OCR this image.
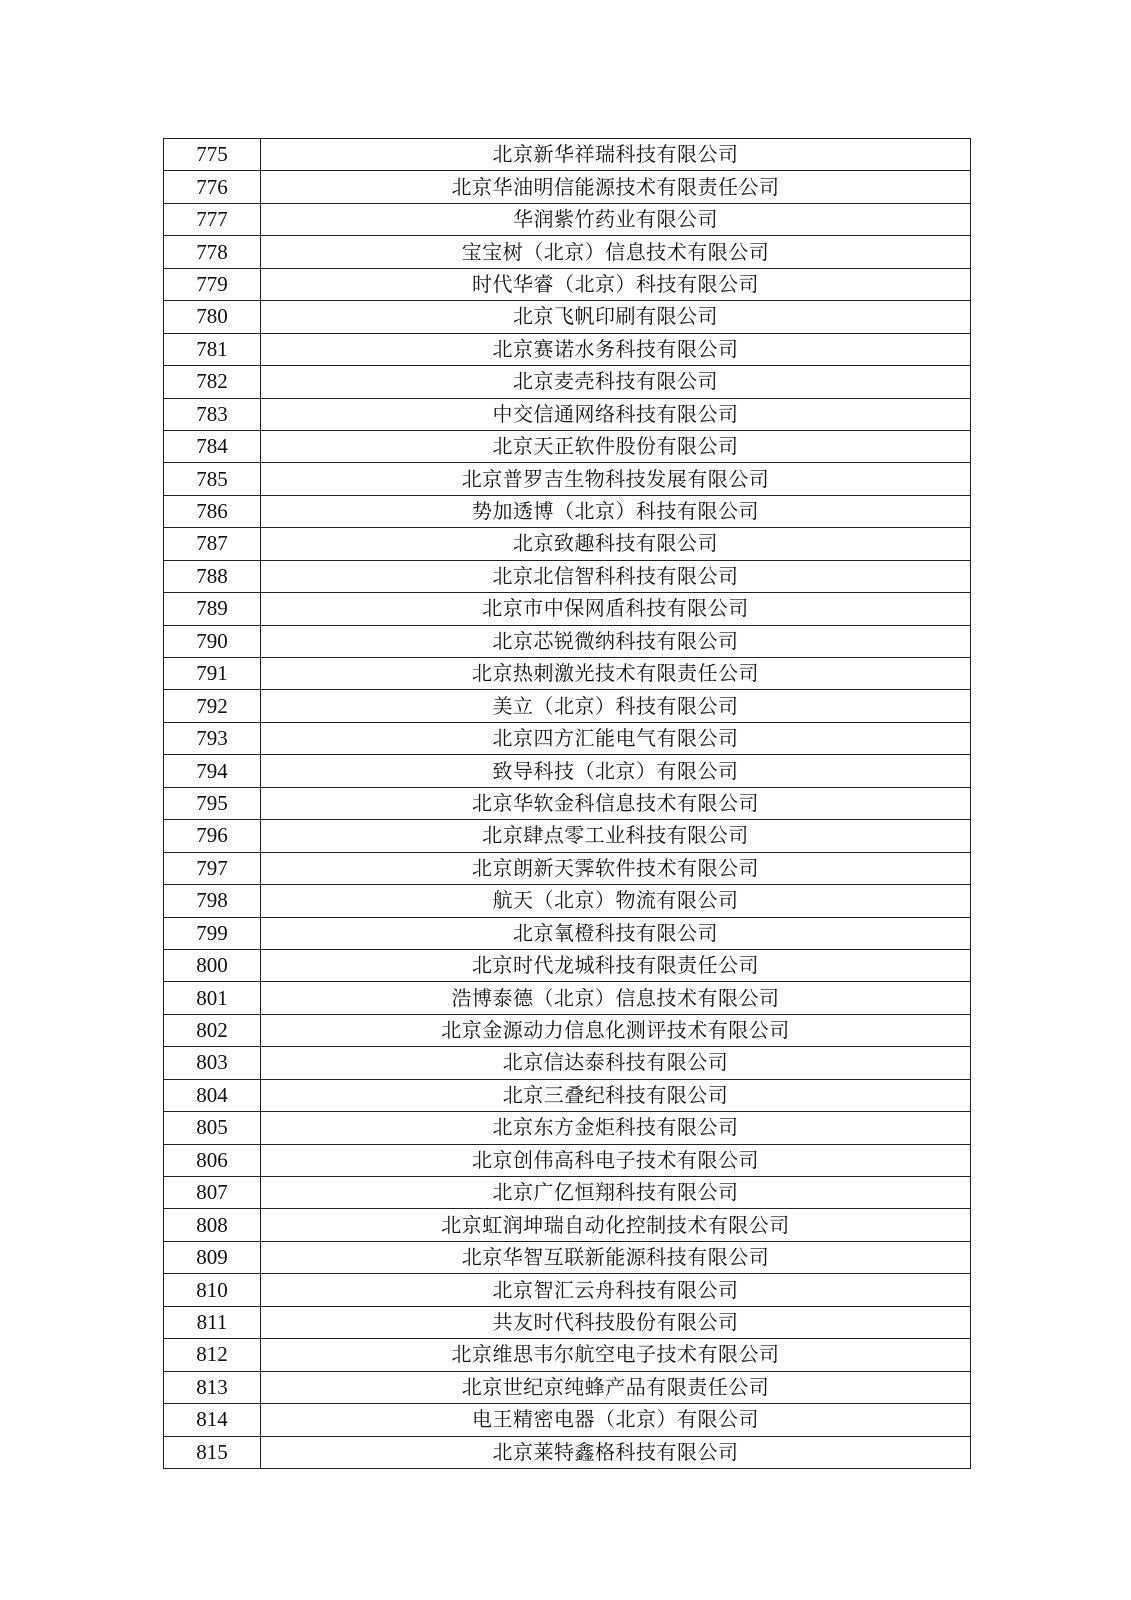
775	北京新华祥瑞科技有限公司
776	北京华油明信能源技术有限责任公司
777	华润紫竹药业有限公司
778	宝宝树（北京）信息技术有限公司
779	时代华睿（北京）科技有限公司
780	北京飞帆印刷有限公司
781	北京赛诺水务科技有限公司
782	北京麦壳科技有限公司
783	中交信通网络科技有限公司
784	北京天正软件股份有限公司
785	北京普罗吉生物科技发展有限公司
786	势加透博（北京）科技有限公司
787	北京致趣科技有限公司
788	北京北信智科科技有限公司
789	北京市中保网盾科技有限公司
790	北京芯锐微纳科技有限公司
791	北京热刺激光技术有限责任公司
792	美立（北京）科技有限公司
793	北京四方汇能电气有限公司
794	致导科技（北京）有限公司
795	北京华软金科信息技术有限公司
796	北京肆点零工业科技有限公司
797	北京朗新天霁软件技术有限公司
798	航天（北京）物流有限公司
799	北京氧橙科技有限公司
800	北京时代龙城科技有限责任公司
801	浩博泰德（北京）信息技术有限公司
802	北京金源动力信息化测评技术有限公司
803	北京信达泰科技有限公司
804	北京三叠纪科技有限公司
805	北京东方金炬科技有限公司
806	北京创伟高科电子技术有限公司
807	北京广亿恒翔科技有限公司
808	北京虹润坤瑞自动化控制技术有限公司
809	北京华智互联新能源科技有限公司
810	北京智汇云舟科技有限公司
811	共友时代科技股份有限公司
812	北京维思韦尔航空电子技术有限公司
813	北京世纪京纯蜂产品有限责任公司
814	电王精密电器（北京）有限公司
815	北京莱特鑫格科技有限公司
